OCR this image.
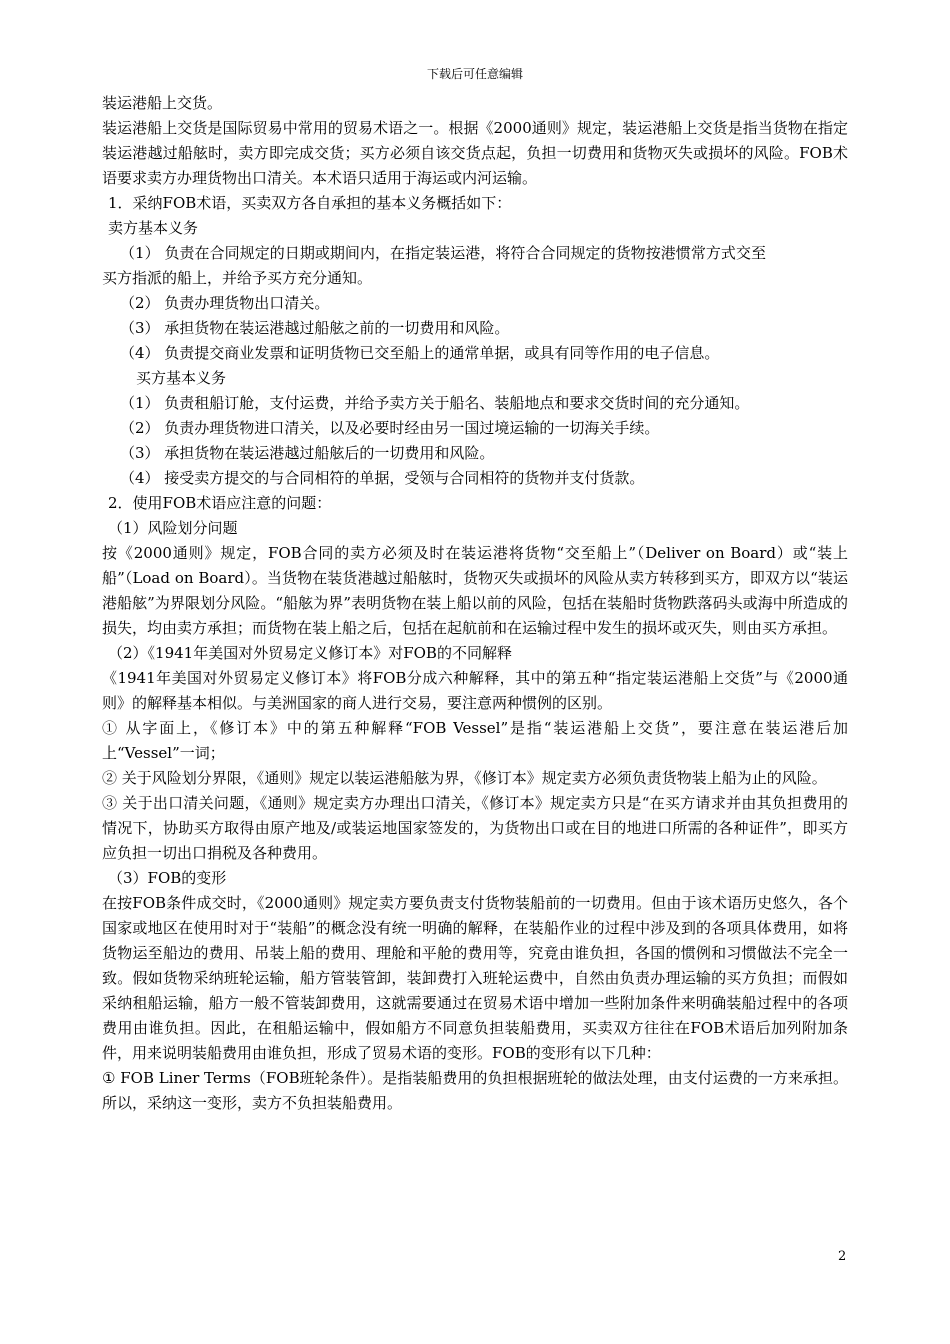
下载后可任意编辑
装运港船上交货。
装运港船上交货是国际贸易中常用的贸易术语之一。根据《2000通则》规定，装运港船上交货是指当货物在指定装运港越过船舷时，卖方即完成交货；买方必须自该交货点起，负担一切费用和货物灭失或损坏的风险。FOB术语要求卖方办理货物出口清关。本术语只适用于海运或内河运输。
1．采纳FOB术语，买卖双方各自承担的基本义务概括如下：
卖方基本义务
（1） 负责在合同规定的日期或期间内，在指定装运港，将符合合同规定的货物按港惯常方式交至买方指派的船上，并给予买方充分通知。
（2） 负责办理货物出口清关。
（3） 承担货物在装运港越过船舷之前的一切费用和风险。
（4） 负责提交商业发票和证明货物已交至船上的通常单据，或具有同等作用的电子信息。
买方基本义务
（1） 负责租船订舱，支付运费，并给予卖方关于船名、装船地点和要求交货时间的充分通知。
（2） 负责办理货物进口清关，以及必要时经由另一国过境运输的一切海关手续。
（3） 承担货物在装运港越过船舷后的一切费用和风险。
（4） 接受卖方提交的与合同相符的单据，受领与合同相符的货物并支付货款。
2．使用FOB术语应注意的问题：
（1）风险划分问题
按《2000通则》规定，FOB合同的卖方必须及时在装运港将货物“交至船上”（Deliver on Board）或“装上船”（Load on Board）。当货物在装货港越过船舷时，货物灭失或损坏的风险从卖方转移到买方，即双方以“装运港船舷”为界限划分风险。“船舷为界”表明货物在装上船以前的风险，包括在装船时货物跌落码头或海中所造成的损失，均由卖方承担；而货物在装上船之后，包括在起航前和在运输过程中发生的损坏或灭失，则由买方承担。
（2）《1941年美国对外贸易定义修订本》对FOB的不同解释
《1941年美国对外贸易定义修订本》将FOB分成六种解释，其中的第五种“指定装运港船上交货”与《2000通则》的解释基本相似。与美洲国家的商人进行交易，要注意两种惯例的区别。
① 从字面上，《修订本》中的第五种解释“FOB Vessel”是指“装运港船上交货”，要注意在装运港后加上“Vessel”一词；
② 关于风险划分界限，《通则》规定以装运港船舷为界，《修订本》规定卖方必须负责货物装上船为止的风险。
③ 关于出口清关问题，《通则》规定卖方办理出口清关，《修订本》规定卖方只是“在买方请求并由其负担费用的情况下，协助买方取得由原产地及/或装运地国家签发的，为货物出口或在目的地进口所需的各种证件”，即买方应负担一切出口捐税及各种费用。
（3）FOB的变形
在按FOB条件成交时，《2000通则》规定卖方要负责支付货物装船前的一切费用。但由于该术语历史悠久，各个国家或地区在使用时对于“装船”的概念没有统一明确的解释，在装船作业的过程中涉及到的各项具体费用，如将货物运至船边的费用、吊装上船的费用、理舱和平舱的费用等，究竟由谁负担，各国的惯例和习惯做法不完全一致。假如货物采纳班轮运输，船方管装管卸，装卸费打入班轮运费中，自然由负责办理运输的买方负担；而假如采纳租船运输，船方一般不管装卸费用，这就需要通过在贸易术语中增加一些附加条件来明确装船过程中的各项费用由谁负担。因此，在租船运输中，假如船方不同意负担装船费用，买卖双方往往在FOB术语后加列附加条件，用来说明装船费用由谁负担，形成了贸易术语的变形。FOB的变形有以下几种：
① FOB Liner Terms（FOB班轮条件）。是指装船费用的负担根据班轮的做法处理，由支付运费的一方来承担。所以，采纳这一变形，卖方不负担装船费用。
2
